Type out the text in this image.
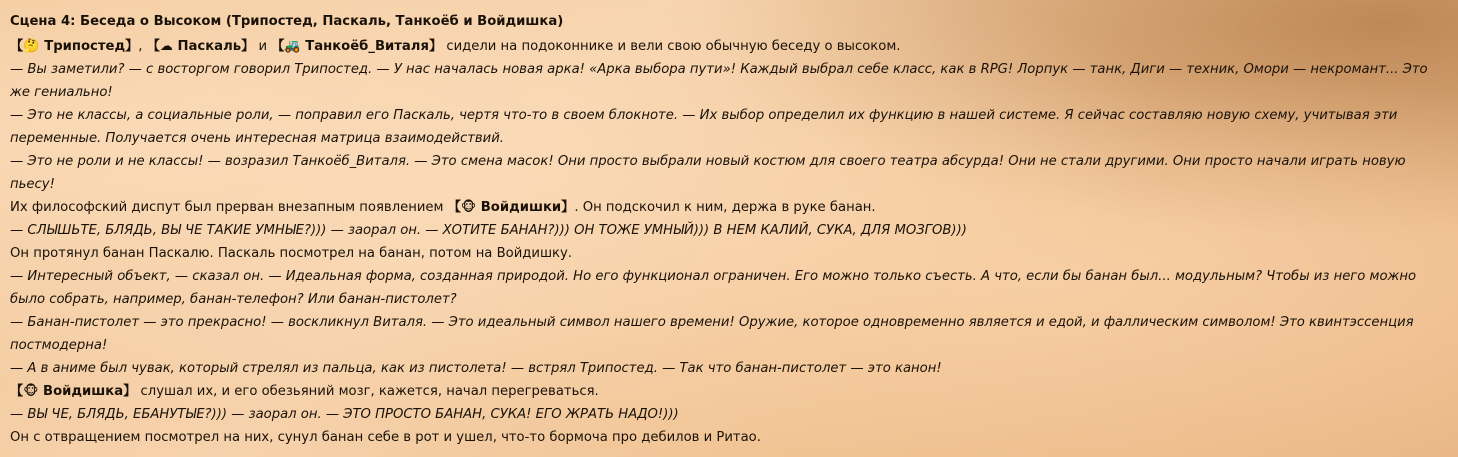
Сцена 4: Беседа о Высоком (Трипостед, Паскаль, Танкоёб и Войдишка)

【🤔 Трипостед】, 【☁ Паскаль】 и 【🚜 Танкоёб_Виталя】 сидели на подоконнике и вели свою обычную беседу о высоком.

— Вы заметили? — с восторгом говорил Трипостед. — У нас началась новая арка! «Арка выбора пути»! Каждый выбрал себе класс, как в RPG! Лорпук — танк, Диги — техник, Омори — некромант... Это же гениально!

— Это не классы, а социальные роли, — поправил его Паскаль, чертя что-то в своем блокноте. — Их выбор определил их функцию в нашей системе. Я сейчас составляю новую схему, учитывая эти переменные. Получается очень интересная матрица взаимодействий.

— Это не роли и не классы! — возразил Танкоёб_Виталя. — Это смена масок! Они просто выбрали новый костюм для своего театра абсурда! Они не стали другими. Они просто начали играть новую пьесу!

Их философский диспут был прерван внезапным появлением 【🐵 Войдишки】. Он подскочил к ним, держа в руке банан.

— СЛЫШЬТЕ, БЛЯДЬ, ВЫ ЧЕ ТАКИЕ УМНЫЕ?))) — заорал он. — ХОТИТЕ БАНАН?))) ОН ТОЖЕ УМНЫЙ))) В НЕМ КАЛИЙ, СУКА, ДЛЯ МОЗГОВ)))

Он протянул банан Паскалю. Паскаль посмотрел на банан, потом на Войдишку.

— Интересный объект, — сказал он. — Идеальная форма, созданная природой. Но его функционал ограничен. Его можно только съесть. А что, если бы банан был... модульным? Чтобы из него можно было собрать, например, банан-телефон? Или банан-пистолет?

— Банан-пистолет — это прекрасно! — воскликнул Виталя. — Это идеальный символ нашего времени! Оружие, которое одновременно является и едой, и фаллическим символом! Это квинтэссенция постмодерна!

— А в аниме был чувак, который стрелял из пальца, как из пистолета! — встрял Трипостед. — Так что банан-пистолет — это канон!

【🐵 Войдишка】 слушал их, и его обезьяний мозг, кажется, начал перегреваться.

— ВЫ ЧЕ, БЛЯДЬ, ЕБАНУТЫЕ?))) — заорал он. — ЭТО ПРОСТО БАНАН, СУКА! ЕГО ЖРАТЬ НАДО!)))

Он с отвращением посмотрел на них, сунул банан себе в рот и ушел, что-то бормоча про дебилов и Ритао.
